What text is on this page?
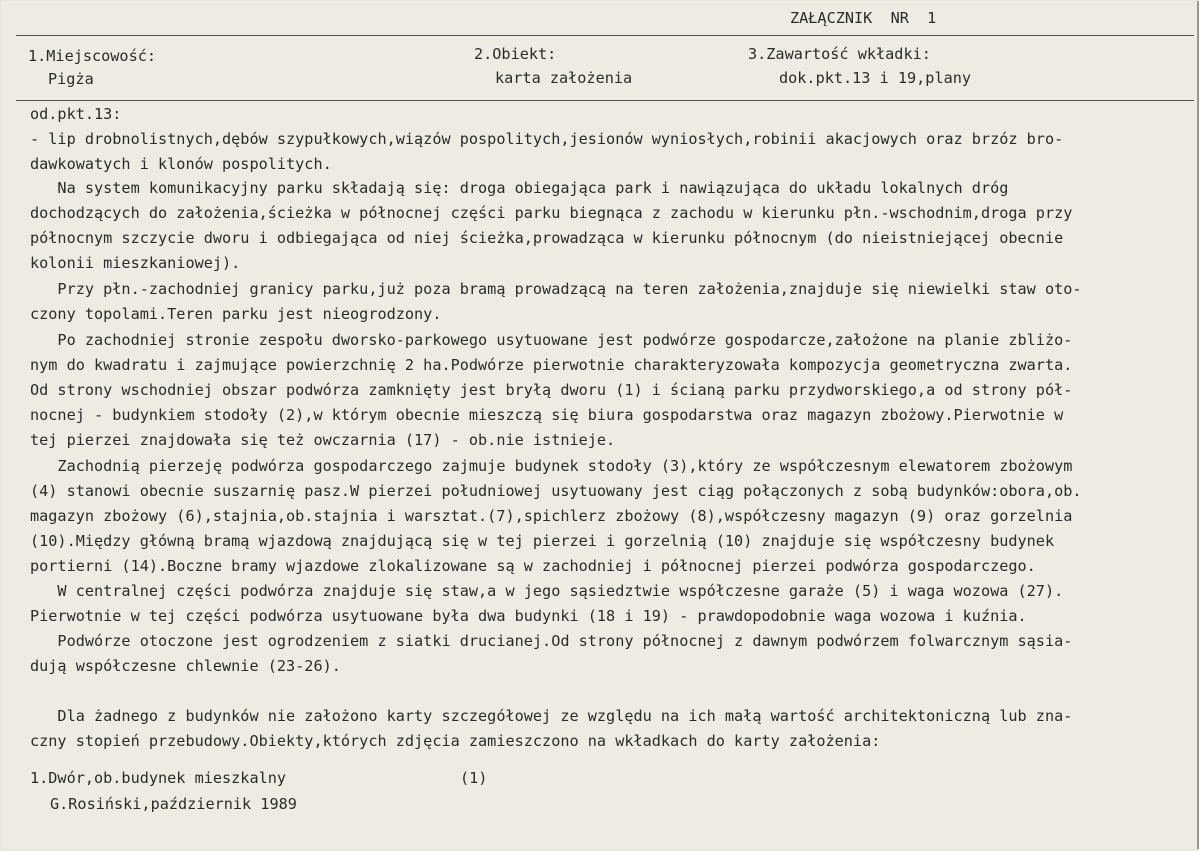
ZAŁĄCZNIK  NR  1
1.Miejscowość:
Pigża
2.Obiekt:
karta założenia
3.Zawartość wkładki:
dok.pkt.13 i 19,plany
od.pkt.13:
- lip drobnolistnych,dębów szypułkowych,wiązów pospolitych,jesionów wyniosłych,robinii akacjowych oraz brzóz bro-
dawkowatych i klonów pospolitych.
Na system komunikacyjny parku składają się: droga obiegająca park i nawiązująca do układu lokalnych dróg
dochodzących do założenia,ścieżka w północnej części parku biegnąca z zachodu w kierunku płn.-wschodnim,droga przy
północnym szczycie dworu i odbiegająca od niej ścieżka,prowadząca w kierunku północnym (do nieistniejącej obecnie
kolonii mieszkaniowej).
Przy płn.-zachodniej granicy parku,już poza bramą prowadzącą na teren założenia,znajduje się niewielki staw oto-
czony topolami.Teren parku jest nieogrodzony.
Po zachodniej stronie zespołu dworsko-parkowego usytuowane jest podwórze gospodarcze,założone na planie zbliżo-
nym do kwadratu i zajmujące powierzchnię 2 ha.Podwórze pierwotnie charakteryzowała kompozycja geometryczna zwarta.
Od strony wschodniej obszar podwórza zamknięty jest bryłą dworu (1) i ścianą parku przydworskiego,a od strony pół-
nocnej - budynkiem stodoły (2),w którym obecnie mieszczą się biura gospodarstwa oraz magazyn zbożowy.Pierwotnie w
tej pierzei znajdowała się też owczarnia (17) - ob.nie istnieje.
Zachodnią pierzeję podwórza gospodarczego zajmuje budynek stodoły (3),który ze współczesnym elewatorem zbożowym
(4) stanowi obecnie suszarnię pasz.W pierzei południowej usytuowany jest ciąg połączonych z sobą budynków:obora,ob.
magazyn zbożowy (6),stajnia,ob.stajnia i warsztat.(7),spichlerz zbożowy (8),współczesny magazyn (9) oraz gorzelnia
(10).Między główną bramą wjazdową znajdującą się w tej pierzei i gorzelnią (10) znajduje się współczesny budynek
portierni (14).Boczne bramy wjazdowe zlokalizowane są w zachodniej i północnej pierzei podwórza gospodarczego.
W centralnej części podwórza znajduje się staw,a w jego sąsiedztwie współczesne garaże (5) i waga wozowa (27).
Pierwotnie w tej części podwórza usytuowane była dwa budynki (18 i 19) - prawdopodobnie waga wozowa i kuźnia.
Podwórze otoczone jest ogrodzeniem z siatki drucianej.Od strony północnej z dawnym podwórzem folwarcznym sąsia-
dują współczesne chlewnie (23-26).
Dla żadnego z budynków nie założono karty szczegółowej ze względu na ich małą wartość architektoniczną lub zna-
czny stopień przebudowy.Obiekty,których zdjęcia zamieszczono na wkładkach do karty założenia:
1.Dwór,ob.budynek mieszkalny	(1)
G.Rosiński,październik 1989
